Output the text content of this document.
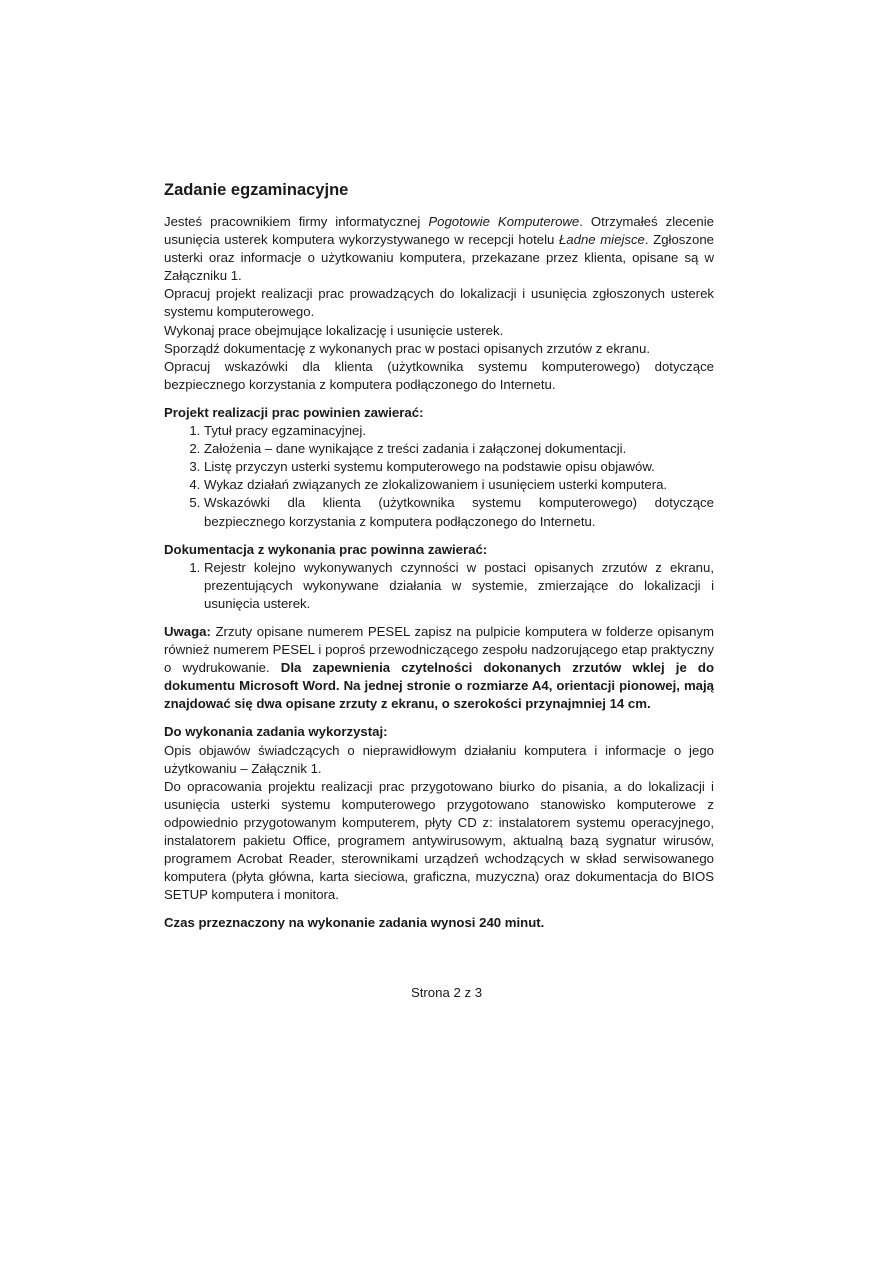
Zadanie egzaminacyjne

Jesteś pracownikiem firmy informatycznej Pogotowie Komputerowe. Otrzymałeś zlecenie usunięcia usterek komputera wykorzystywanego w recepcji hotelu Ładne miejsce. Zgłoszone usterki oraz informacje o użytkowaniu komputera, przekazane przez klienta, opisane są w Załączniku 1.

Opracuj projekt realizacji prac prowadzących do lokalizacji i usunięcia zgłoszonych usterek systemu komputerowego.

Wykonaj prace obejmujące lokalizację i usunięcie usterek.

Sporządź dokumentację z wykonanych prac w postaci opisanych zrzutów z ekranu.

Opracuj wskazówki dla klienta (użytkownika systemu komputerowego) dotyczące bezpiecznego korzystania z komputera podłączonego do Internetu.

Projekt realizacji prac powinien zawierać:

1. Tytuł pracy egzaminacyjnej.
2. Założenia – dane wynikające z treści zadania i załączonej dokumentacji.
3. Listę przyczyn usterki systemu komputerowego na podstawie opisu objawów.
4. Wykaz działań związanych ze zlokalizowaniem i usunięciem usterki komputera.
5. Wskazówki dla klienta (użytkownika systemu komputerowego) dotyczące bezpiecznego korzystania z komputera podłączonego do Internetu.

Dokumentacja z wykonania prac powinna zawierać:

1. Rejestr kolejno wykonywanych czynności w postaci opisanych zrzutów z ekranu, prezentujących wykonywane działania w systemie, zmierzające do lokalizacji i usunięcia usterek.

Uwaga: Zrzuty opisane numerem PESEL zapisz na pulpicie komputera w folderze opisanym również numerem PESEL i poproś przewodniczącego zespołu nadzorującego etap praktyczny o wydrukowanie. Dla zapewnienia czytelności dokonanych zrzutów wklej je do dokumentu Microsoft Word. Na jednej stronie o rozmiarze A4, orientacji pionowej, mają znajdować się dwa opisane zrzuty z ekranu, o szerokości przynajmniej 14 cm.

Do wykonania zadania wykorzystaj:

Opis objawów świadczących o nieprawidłowym działaniu komputera i informacje o jego użytkowaniu – Załącznik 1.

Do opracowania projektu realizacji prac przygotowano biurko do pisania, a do lokalizacji i usunięcia usterki systemu komputerowego przygotowano stanowisko komputerowe z odpowiednio przygotowanym komputerem, płyty CD z: instalatorem systemu operacyjnego, instalatorem pakietu Office, programem antywirusowym, aktualną bazą sygnatur wirusów, programem Acrobat Reader, sterownikami urządzeń wchodzących w skład serwisowanego komputera (płyta główna, karta sieciowa, graficzna, muzyczna) oraz dokumentacja do BIOS SETUP komputera i monitora.

Czas przeznaczony na wykonanie zadania wynosi 240 minut.

Strona 2 z 3
